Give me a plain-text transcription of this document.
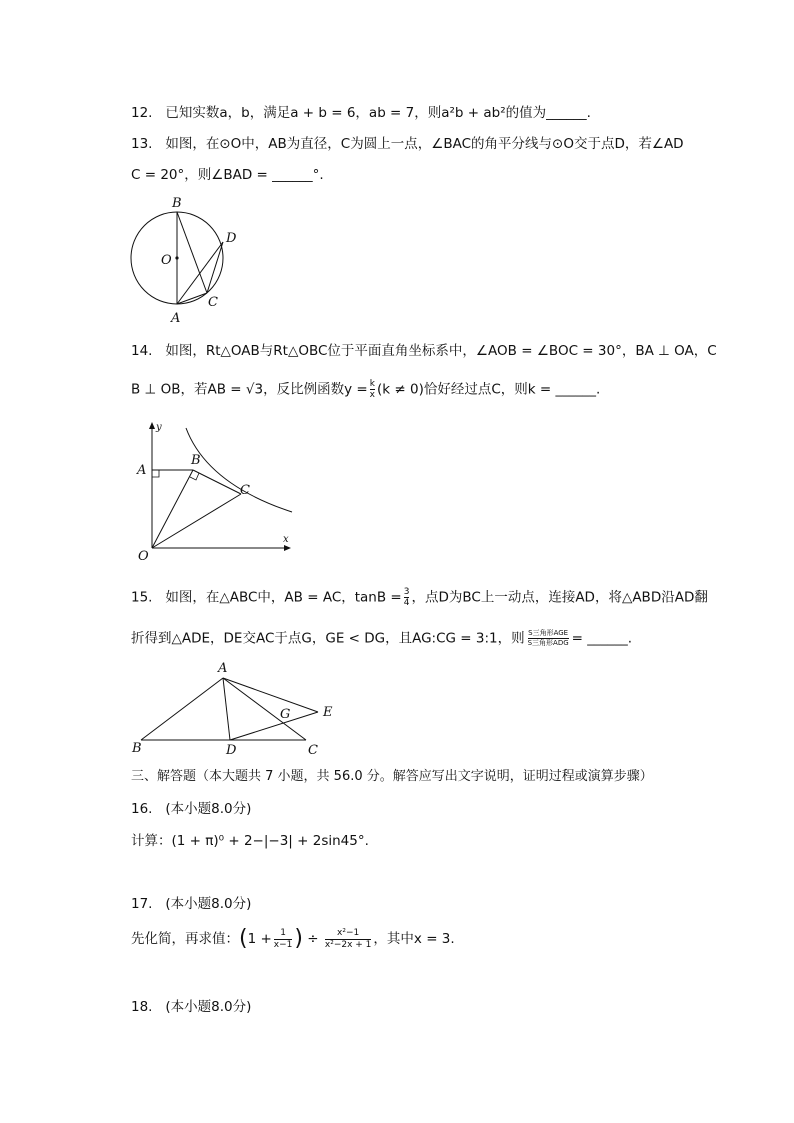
12. 已知实数a，b，满足a + b = 6，ab = 7，则a²b + ab²的值为______.
13. 如图，在⊙O中，AB为直径，C为圆上一点，∠BAC的角平分线与⊙O交于点D，若∠AD
C = 20°，则∠BAD = ______°.
B
O
D
C
A
14. 如图，Rt△OAB与Rt△OBC位于平面直角坐标系中，∠AOB = ∠BOC = 30°，BA ⊥ OA，C
B ⊥ OB，若AB = √3，反比例函数$y = \frac{k}{x} (k \ne 0)$恰好经过点C，则k = ______.
y
A
B
C
O
x
15. 如图，在△ABC中，AB = AC，$\tan B = \frac{3}{4}$ ，点D为BC上一动点，连接AD，将△ABD沿AD翻
折得到△ADE，DE交AC于点G，GE < DG，且AG:CG = 3:1，则 S三角形AGE
S三角形ADG = ______.
A
G	E
B	D	C
三、解答题（本大题共 7 小题，共 56.0 分。解答应写出文字说明，证明过程或演算步骤）
16. (本小题8.0分)
计算：(1 + π)⁰ + 2−|−3| + 2sin45°.
17. (本小题8.0分)
先化简，再求值：($1 + \frac{1}{x-1}$ ) ÷ $\frac{\text{x²−1}}{\text{x²−2x + 1}}$ ，其中x = 3.
18. (本小题8.0分)
